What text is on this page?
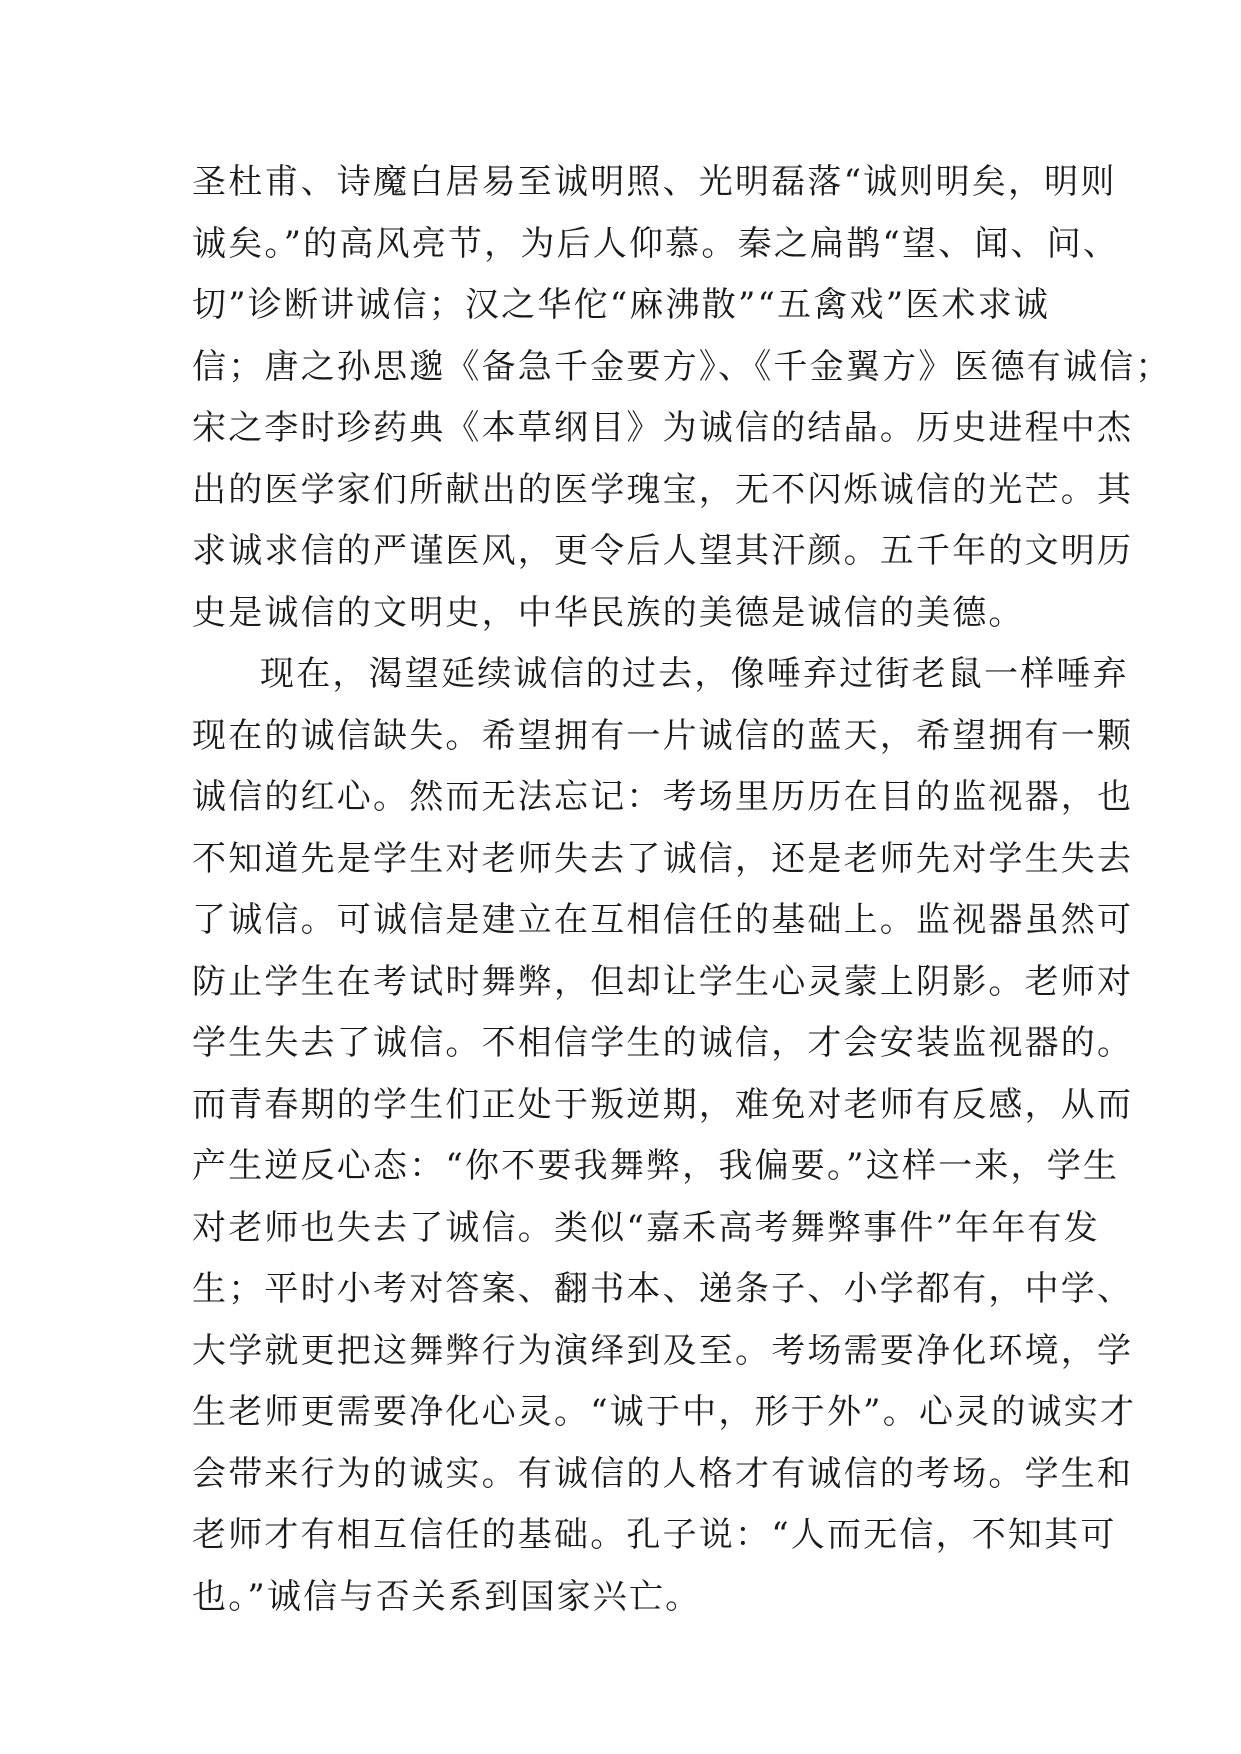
圣杜甫、诗魔白居易至诚明照、光明磊落“诚则明矣，明则
诚矣。”的高风亮节，为后人仰慕。秦之扁鹊“望、闻、问、
切”诊断讲诚信；汉之华佗“麻沸散”“五禽戏”医术求诚
信；唐之孙思邈《备急千金要方》、《千金翼方》医德有诚信；
宋之李时珍药典《本草纲目》为诚信的结晶。历史进程中杰
出的医学家们所献出的医学瑰宝，无不闪烁诚信的光芒。其
求诚求信的严谨医风，更令后人望其汗颜。五千年的文明历
史是诚信的文明史，中华民族的美德是诚信的美德。
现在，渴望延续诚信的过去，像唾弃过街老鼠一样唾弃
现在的诚信缺失。希望拥有一片诚信的蓝天，希望拥有一颗
诚信的红心。然而无法忘记：考场里历历在目的监视器，也
不知道先是学生对老师失去了诚信，还是老师先对学生失去
了诚信。可诚信是建立在互相信任的基础上。监视器虽然可
防止学生在考试时舞弊，但却让学生心灵蒙上阴影。老师对
学生失去了诚信。不相信学生的诚信，才会安装监视器的。
而青春期的学生们正处于叛逆期，难免对老师有反感，从而
产生逆反心态：“你不要我舞弊，我偏要。”这样一来，学生
对老师也失去了诚信。类似“嘉禾高考舞弊事件”年年有发
生；平时小考对答案、翻书本、递条子、小学都有，中学、
大学就更把这舞弊行为演绎到及至。考场需要净化环境，学
生老师更需要净化心灵。“诚于中，形于外”。心灵的诚实才
会带来行为的诚实。有诚信的人格才有诚信的考场。学生和
老师才有相互信任的基础。孔子说：“人而无信，不知其可
也。”诚信与否关系到国家兴亡。
